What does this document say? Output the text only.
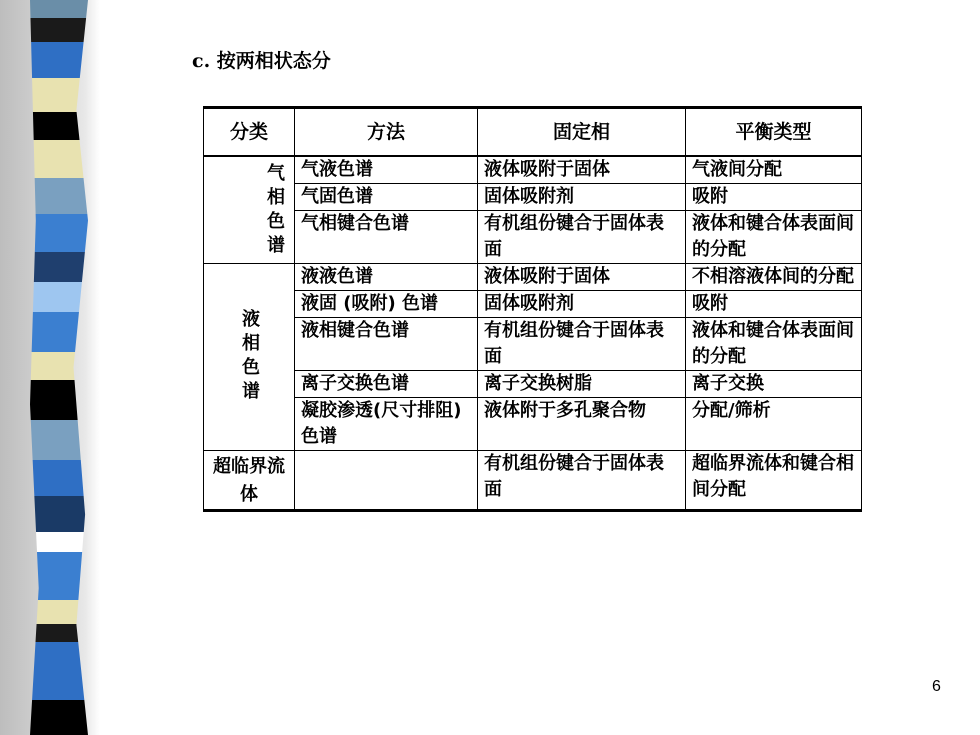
c. 按两相状态分
分类	方法	固定相	平衡类型
气相色谱	气液色谱	液体吸附于固体	气液间分配
	气固色谱	固体吸附剂	吸附
	气相键合色谱	有机组份键合于固体表面	液体和键合体表面间的分配
液相色谱	液液色谱	液体吸附于固体	不相溶液体间的分配
	液固 (吸附) 色谱	固体吸附剂	吸附
	液相键合色谱	有机组份键合于固体表面	液体和键合体表面间的分配
	离子交换色谱	离子交换树脂	离子交换
	凝胶渗透(尺寸排阻)色谱	液体附于多孔聚合物	分配/筛析
超临界流体		有机组份键合于固体表面	超临界流体和键合相间分配
6
